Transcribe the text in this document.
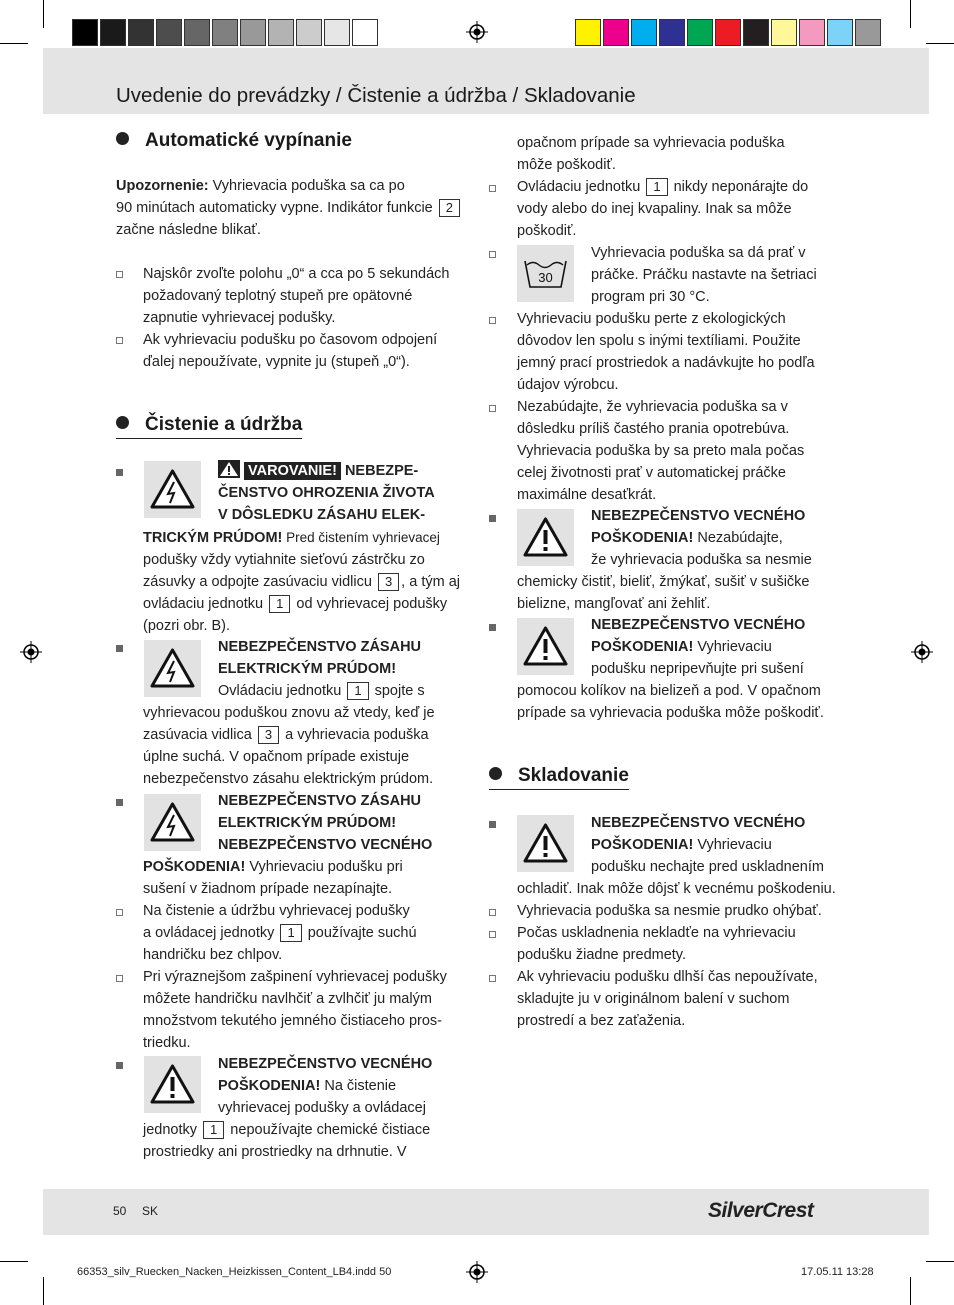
Uvedenie do prevádzky / Čistenie a údržba / Skladovanie
Automatické vypínanie
Upozornenie: Vyhrievacia poduška sa ca po
90 minútach automaticky vypne. Indikátor funkcie 2
začne následne blikať.
Najskôr zvoľte polohu „0“ a cca po 5 sekundách
požadovaný teplotný stupeň pre opätovné
zapnutie vyhrievacej podušky.
Ak vyhrievaciu podušku po časovom odpojení
ďalej nepoužívate, vypnite ju (stupeň „0“).
Čistenie a údržba
VAROVANIE! NEBEZPE-
ČENSTVO OHROZENIA ŽIVOTA
V DÔSLEDKU ZÁSAHU ELEK-
TRICKÝM PRÚDOM! Pred čistením vyhrievacej
podušky vždy vytiahnite sieťovú zástrčku zo
zásuvky a odpojte zasúvaciu vidlicu 3 , a tým aj
ovládaciu jednotku 1 od vyhrievacej podušky
(pozri obr. B).
NEBEZPEČENSTVO ZÁSAHU
ELEKTRICKÝM PRÚDOM!
Ovládaciu jednotku 1 spojte s
vyhrievacou poduškou znovu až vtedy, keď je
zasúvacia vidlica 3 a vyhrievacia poduška
úplne suchá. V opačnom prípade existuje
nebezpečenstvo zásahu elektrickým prúdom.
NEBEZPEČENSTVO ZÁSAHU
ELEKTRICKÝM PRÚDOM!
NEBEZPEČENSTVO VECNÉHO
POŠKODENIA! Vyhrievaciu podušku pri
sušení v žiadnom prípade nezapínajte.
Na čistenie a údržbu vyhrievacej podušky
a ovládacej jednotky 1 používajte suchú
handričku bez chlpov.
Pri výraznejšom zašpinení vyhrievacej podušky
môžete handričku navlhčiť a zvlhčiť ju malým
množstvom tekutého jemného čistiaceho pros-
triedku.
NEBEZPEČENSTVO VECNÉHO
POŠKODENIA! Na čistenie
vyhrievacej podušky a ovládacej
jednotky 1 nepoužívajte chemické čistiace
prostriedky ani prostriedky na drhnutie. V
opačnom prípade sa vyhrievacia poduška
môže poškodiť.
Ovládaciu jednotku 1 nikdy neponárajte do
vody alebo do inej kvapaliny. Inak sa môže
poškodiť.
30
Vyhrievacia poduška sa dá prať v
práčke. Práčku nastavte na šetriaci
program pri 30 °C.
Vyhrievaciu podušku perte z ekologických
dôvodov len spolu s inými textíliami. Použite
jemný prací prostriedok a nadávkujte ho podľa
údajov výrobcu.
Nezabúdajte, že vyhrievacia poduška sa v
dôsledku príliš častého prania opotrebúva.
Vyhrievacia poduška by sa preto mala počas
celej životnosti prať v automatickej práčke
maximálne desaťkrát.
NEBEZPEČENSTVO VECNÉHO
POŠKODENIA! Nezabúdajte,
že vyhrievacia poduška sa nesmie
chemicky čistiť, bieliť, žmýkať, sušiť v sušičke
bielizne, mangľovať ani žehliť.
NEBEZPEČENSTVO VECNÉHO
POŠKODENIA! Vyhrievaciu
podušku nepripevňujte pri sušení
pomocou kolíkov na bielizeň a pod. V opačnom
prípade sa vyhrievacia poduška môže poškodiť.
Skladovanie
NEBEZPEČENSTVO VECNÉHO
POŠKODENIA! Vyhrievaciu
podušku nechajte pred uskladnením
ochladiť. Inak môže dôjsť k vecnému poškodeniu.
Vyhrievacia poduška sa nesmie prudko ohýbať.
Počas uskladnenia nekladťe na vyhrievaciu
podušku žiadne predmety.
Ak vyhrievaciu podušku dlhší čas nepoužívate,
skladujte ju v originálnom balení v suchom
prostredí a bez zaťaženia.
50 SK	SilverCrest
66353_silv_Ruecken_Nacken_Heizkissen_Content_LB4.indd 50	17.05.11 13:28
